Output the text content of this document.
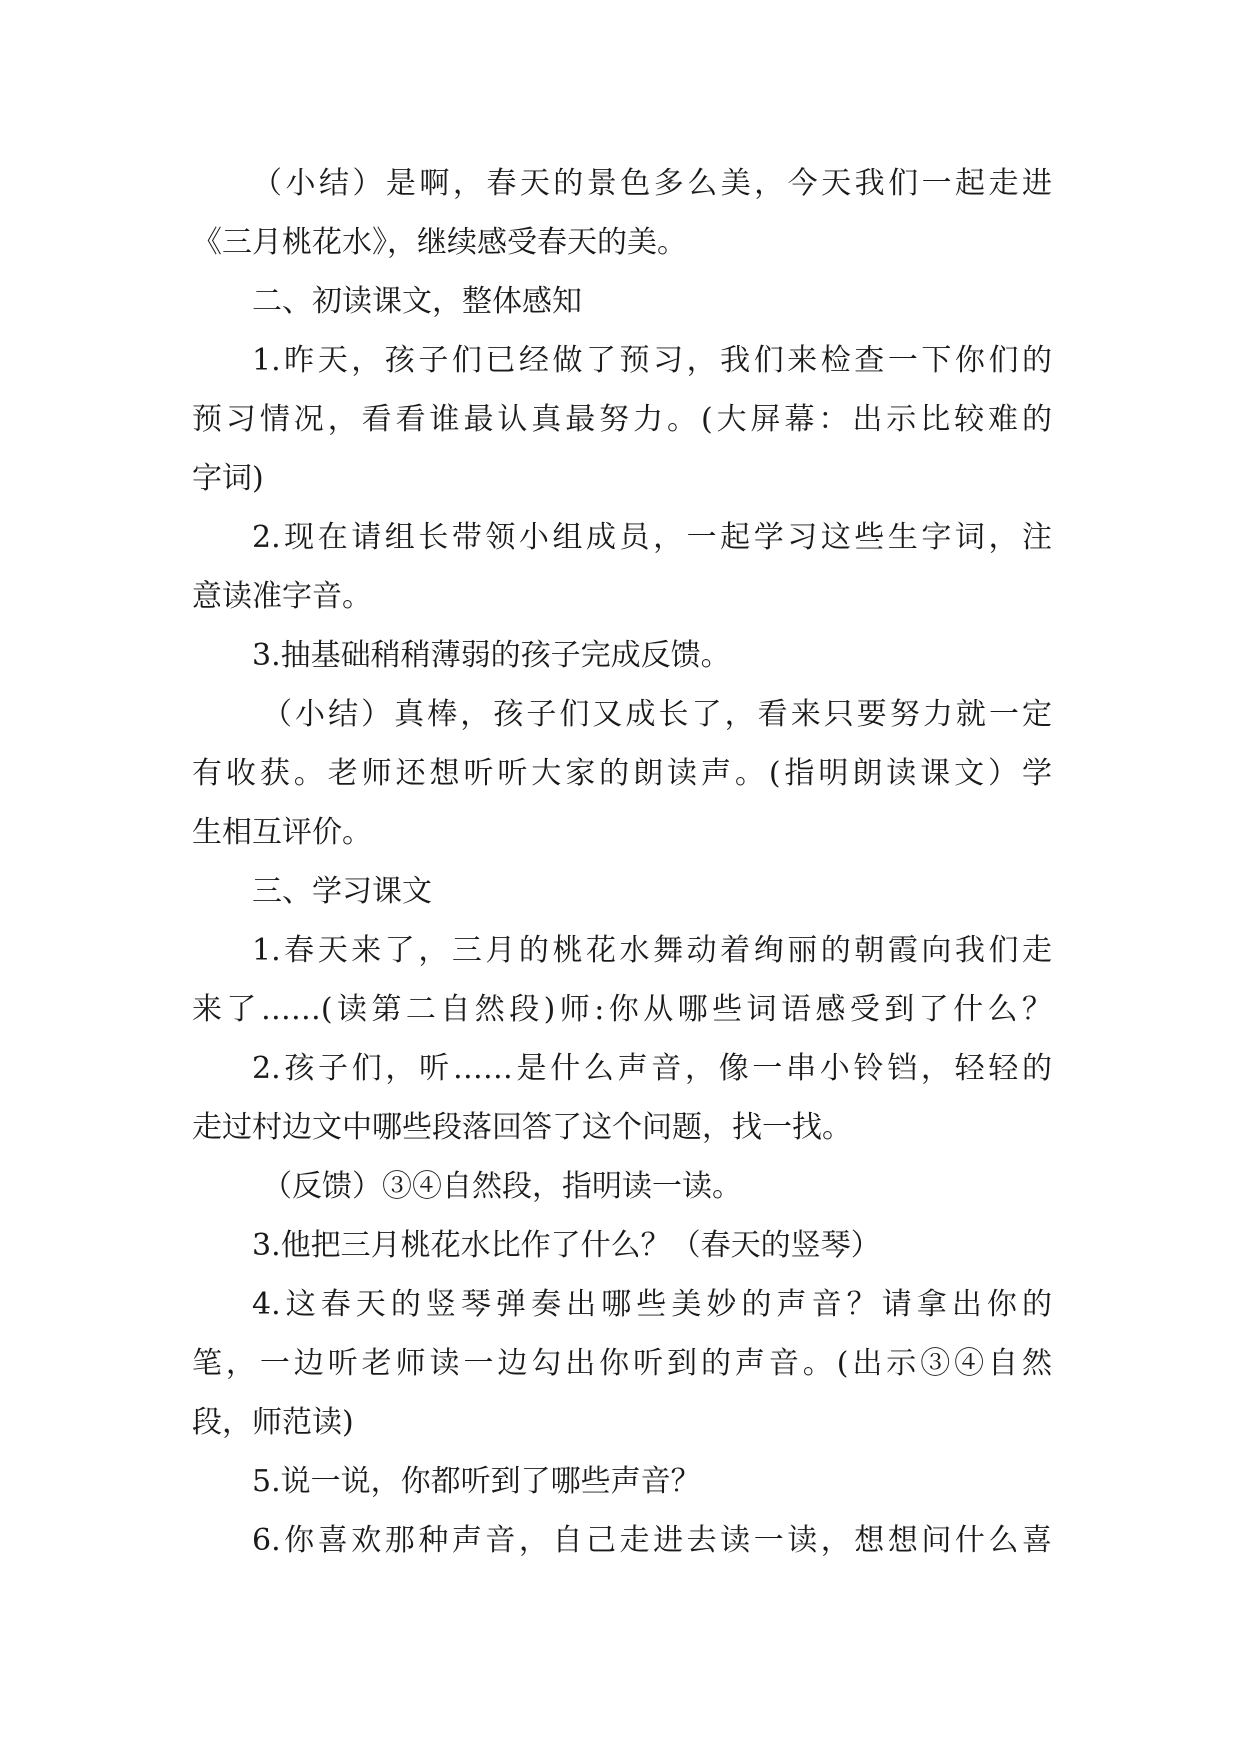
（小结）是啊，春天的景色多么美，今天我们一起走进
《三月桃花水》，继续感受春天的美。
二、初读课文，整体感知
1.昨天，孩子们已经做了预习，我们来检查一下你们的
预习情况，看看谁最认真最努力。(大屏幕：出示比较难的
字词)
2.现在请组长带领小组成员，一起学习这些生字词，注
意读准字音。
3.抽基础稍稍薄弱的孩子完成反馈。
（小结）真棒，孩子们又成长了，看来只要努力就一定
有收获。老师还想听听大家的朗读声。(指明朗读课文）学
生相互评价。
三、学习课文
1.春天来了，三月的桃花水舞动着绚丽的朝霞向我们走
来了……(读第二自然段)师:你从哪些词语感受到了什么？
2.孩子们，听……是什么声音，像一串小铃铛，轻轻的
走过村边文中哪些段落回答了这个问题，找一找。
（反馈）③④自然段，指明读一读。
3.他把三月桃花水比作了什么？（春天的竖琴）
4.这春天的竖琴弹奏出哪些美妙的声音？请拿出你的
笔，一边听老师读一边勾出你听到的声音。(出示③④自然
段，师范读)
5.说一说，你都听到了哪些声音？
6.你喜欢那种声音，自己走进去读一读，想想问什么喜
